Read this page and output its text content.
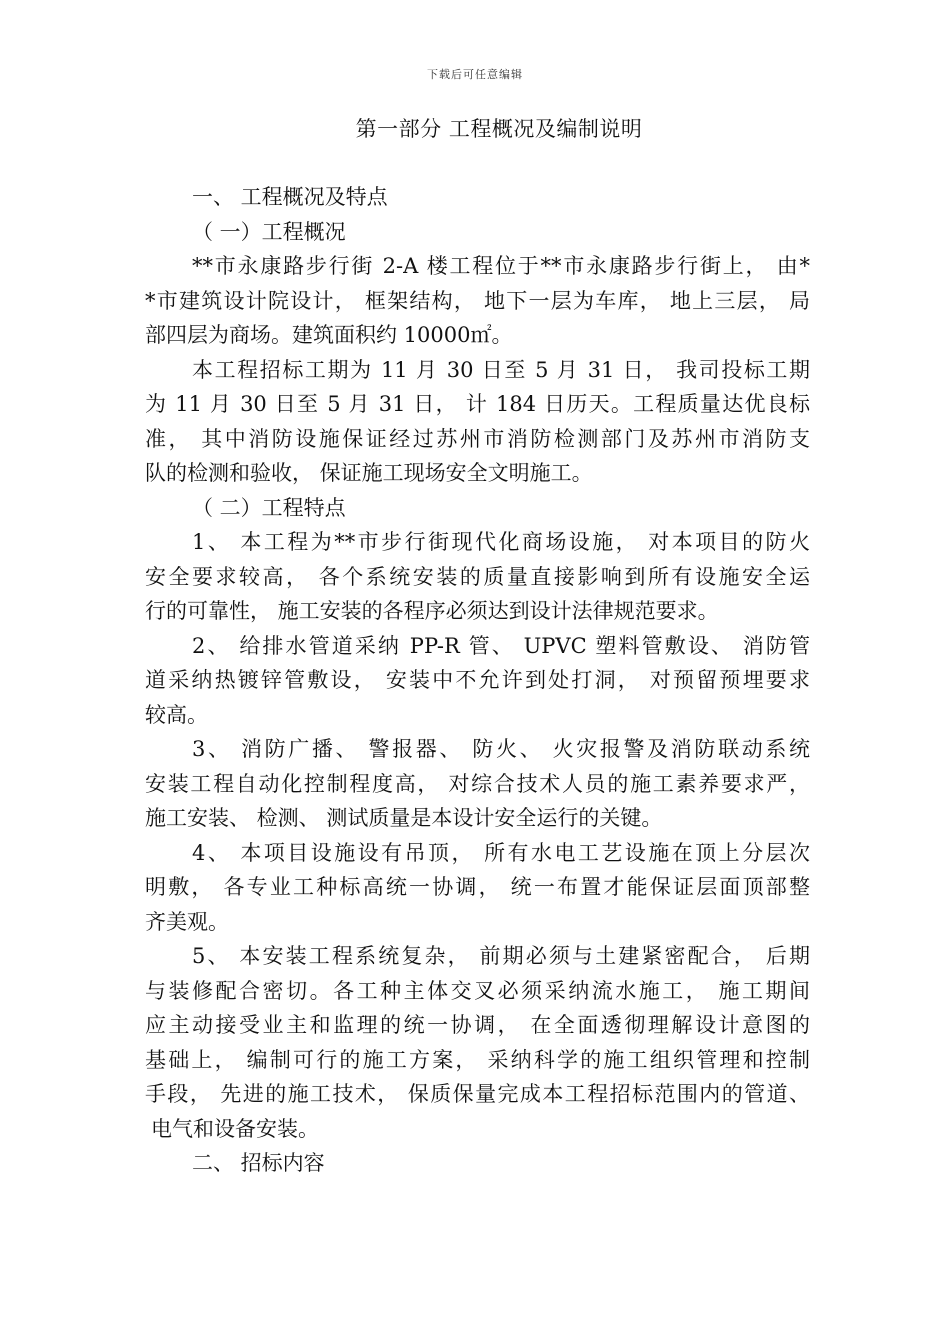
下载后可任意编辑
第一部分 工程概况及编制说明
一、 工程概况及特点
（ 一）工程概况
**市永康路步行街 2-A 楼工程位于**市永康路步行街上， 由*
*市建筑设计院设计， 框架结构， 地下一层为车库， 地上三层， 局
部四层为商场。建筑面积约 10000㎡。
本工程招标工期为 11 月 30 日至 5 月 31 日， 我司投标工期
为 11 月 30 日至 5 月 31 日， 计 184 日历天。工程质量达优良标
准， 其中消防设施保证经过苏州市消防检测部门及苏州市消防支
队的检测和验收， 保证施工现场安全文明施工。
（ 二）工程特点
1、 本工程为**市步行街现代化商场设施， 对本项目的防火
安全要求较高， 各个系统安装的质量直接影响到所有设施安全运
行的可靠性， 施工安装的各程序必须达到设计法律规范要求。
2、 给排水管道采纳 PP-R 管、 UPVC 塑料管敷设、 消防管
道采纳热镀锌管敷设， 安装中不允许到处打洞， 对预留预埋要求
较高。
3、 消防广播、 警报器、 防火、 火灾报警及消防联动系统
安装工程自动化控制程度高， 对综合技术人员的施工素养要求严，
施工安装、 检测、 测试质量是本设计安全运行的关键。
4、 本项目设施设有吊顶， 所有水电工艺设施在顶上分层次
明敷， 各专业工种标高统一协调， 统一布置才能保证层面顶部整
齐美观。
5、 本安装工程系统复杂， 前期必须与土建紧密配合， 后期
与装修配合密切。各工种主体交叉必须采纳流水施工， 施工期间
应主动接受业主和监理的统一协调， 在全面透彻理解设计意图的
基础上， 编制可行的施工方案， 采纳科学的施工组织管理和控制
手段， 先进的施工技术， 保质保量完成本工程招标范围内的管道、
电气和设备安装。
二、 招标内容
